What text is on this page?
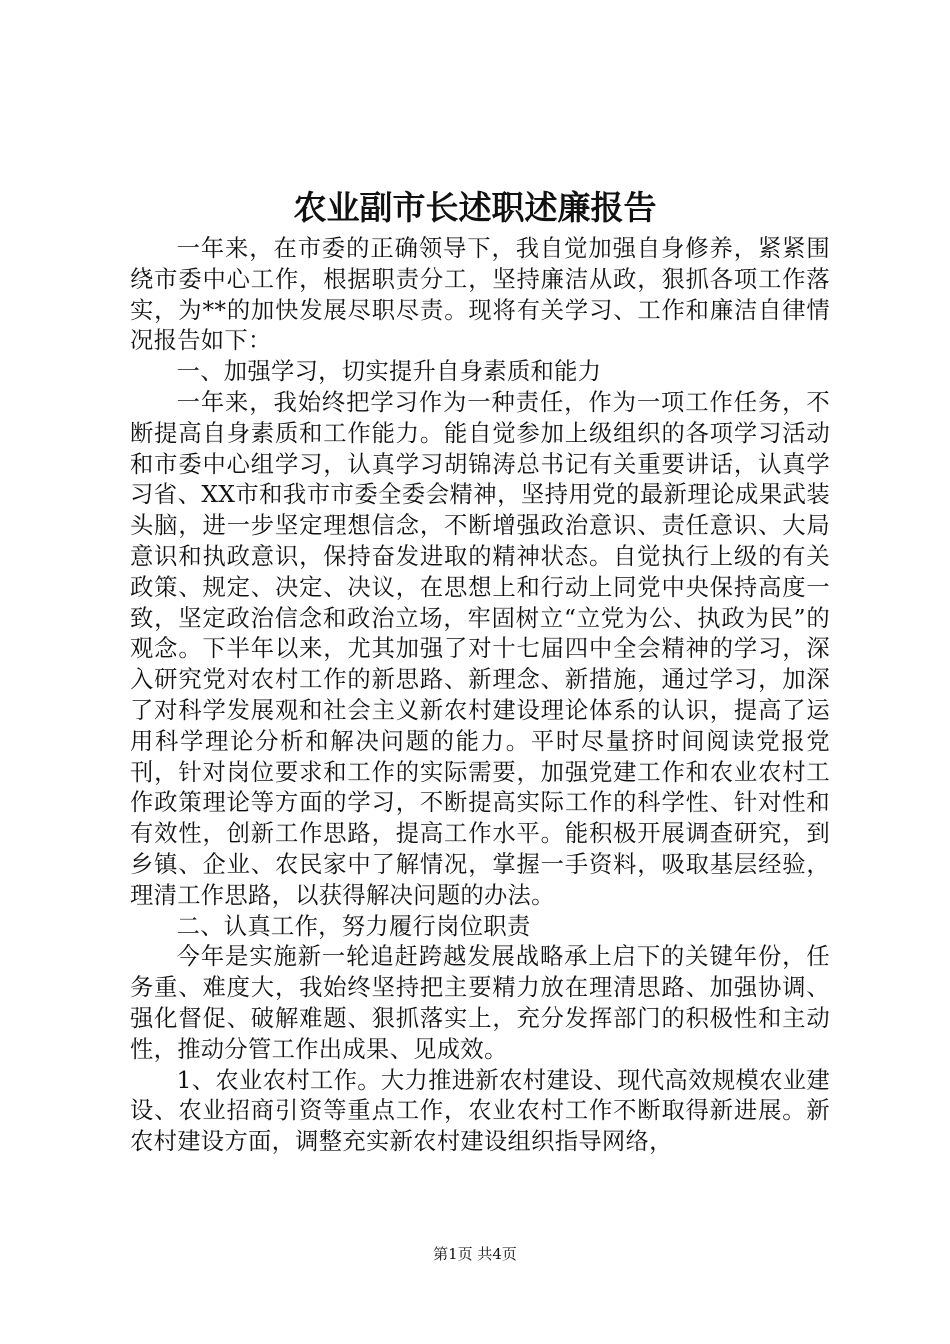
农业副市长述职述廉报告

一年来，在市委的正确领导下，我自觉加强自身修养，紧紧围绕市委中心工作，根据职责分工，坚持廉洁从政，狠抓各项工作落实，为**的加快发展尽职尽责。现将有关学习、工作和廉洁自律情况报告如下：

一、加强学习，切实提升自身素质和能力

一年来，我始终把学习作为一种责任，作为一项工作任务，不断提高自身素质和工作能力。能自觉参加上级组织的各项学习活动和市委中心组学习，认真学习胡锦涛总书记有关重要讲话，认真学习省、XX市和我市市委全委会精神，坚持用党的最新理论成果武装头脑，进一步坚定理想信念，不断增强政治意识、责任意识、大局意识和执政意识，保持奋发进取的精神状态。自觉执行上级的有关政策、规定、决定、决议，在思想上和行动上同党中央保持高度一致，坚定政治信念和政治立场，牢固树立“立党为公、执政为民”的观念。下半年以来，尤其加强了对十七届四中全会精神的学习，深入研究党对农村工作的新思路、新理念、新措施，通过学习，加深了对科学发展观和社会主义新农村建设理论体系的认识，提高了运用科学理论分析和解决问题的能力。平时尽量挤时间阅读党报党刊，针对岗位要求和工作的实际需要，加强党建工作和农业农村工作政策理论等方面的学习，不断提高实际工作的科学性、针对性和有效性，创新工作思路，提高工作水平。能积极开展调查研究，到乡镇、企业、农民家中了解情况，掌握一手资料，吸取基层经验，理清工作思路，以获得解决问题的办法。

二、认真工作，努力履行岗位职责

今年是实施新一轮追赶跨越发展战略承上启下的关键年份，任务重、难度大，我始终坚持把主要精力放在理清思路、加强协调、强化督促、破解难题、狠抓落实上，充分发挥部门的积极性和主动性，推动分管工作出成果、见成效。

1、农业农村工作。大力推进新农村建设、现代高效规模农业建设、农业招商引资等重点工作，农业农村工作不断取得新进展。新农村建设方面，调整充实新农村建设组织指导网络，

第1页 共4页
